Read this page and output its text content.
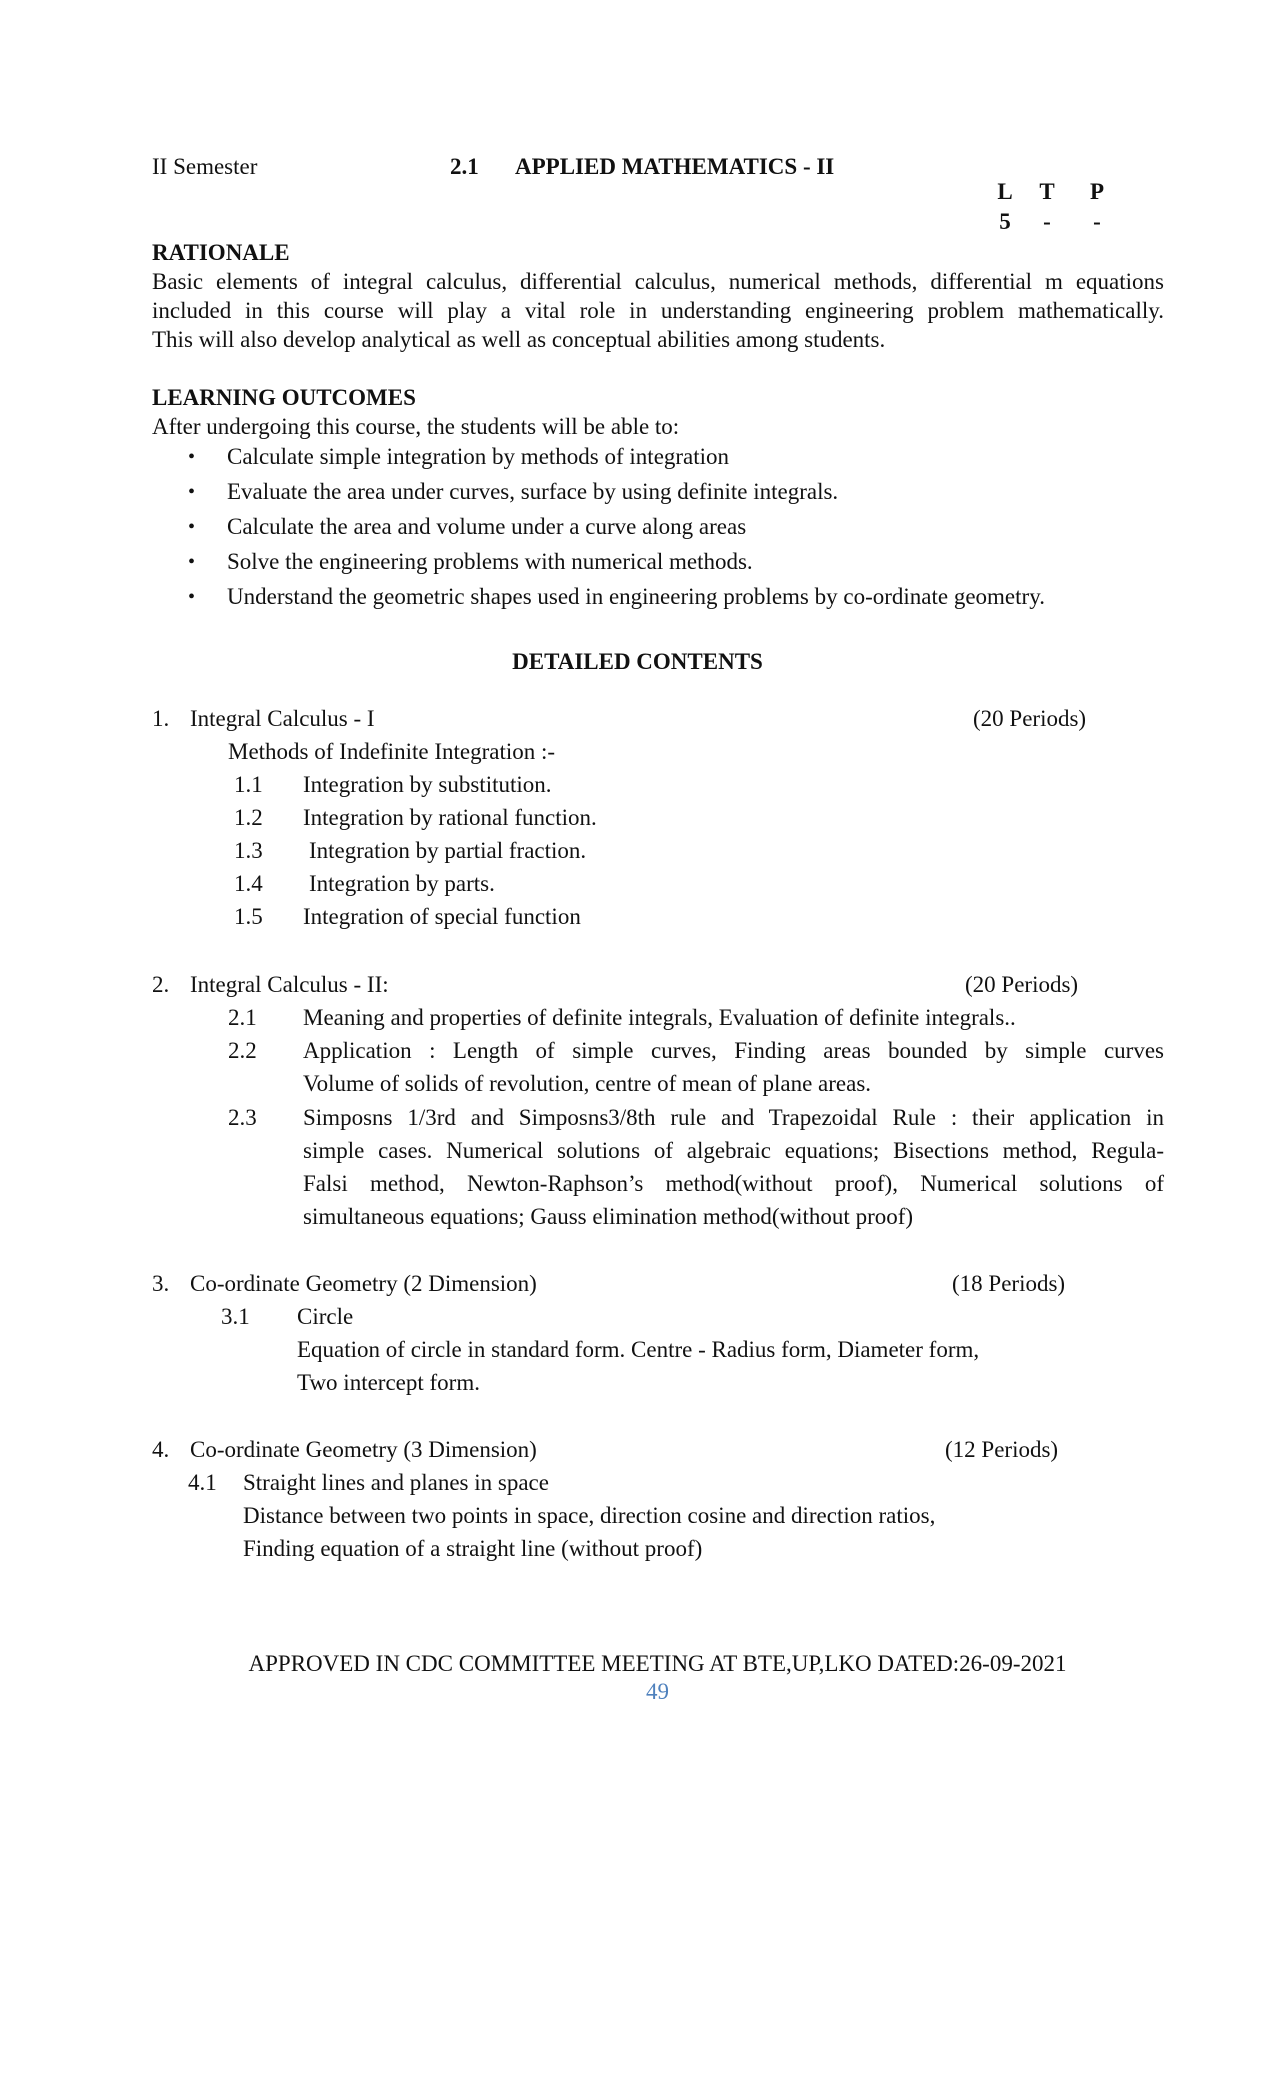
II Semester	2.1 APPLIED MATHEMATICS - II
L	T	P
5	-	-
RATIONALE
Basic elements of integral calculus, differential calculus, numerical methods, differential m equations
included in this course will play a vital role in understanding engineering problem mathematically.
This will also develop analytical as well as conceptual abilities among students.
LEARNING OUTCOMES
After undergoing this course, the students will be able to:
• Calculate simple integration by methods of integration
• Evaluate the area under curves, surface by using definite integrals.
• Calculate the area and volume under a curve along areas
• Solve the engineering problems with numerical methods.
• Understand the geometric shapes used in engineering problems by co-ordinate geometry.
DETAILED CONTENTS
1. Integral Calculus - I	(20 Periods)
Methods of Indefinite Integration :-
1.1 Integration by substitution.
1.2 Integration by rational function.
1.3 Integration by partial fraction.
1.4 Integration by parts.
1.5 Integration of special function
2. Integral Calculus - II:	(20 Periods)
2.1 Meaning and properties of definite integrals, Evaluation of definite integrals..
2.2 Application : Length of simple curves, Finding areas bounded by simple curves
Volume of solids of revolution, centre of mean of plane areas.
2.3 Simposns 1/3rd and Simposns3/8th rule and Trapezoidal Rule : their application in
simple cases. Numerical solutions of algebraic equations; Bisections method, Regula-
Falsi method, Newton-Raphson’s method(without proof), Numerical solutions of
simultaneous equations; Gauss elimination method(without proof)
3. Co-ordinate Geometry (2 Dimension)	(18 Periods)
3.1 Circle
Equation of circle in standard form. Centre - Radius form, Diameter form,
Two intercept form.
4. Co-ordinate Geometry (3 Dimension)	(12 Periods)
4.1 Straight lines and planes in space
Distance between two points in space, direction cosine and direction ratios,
Finding equation of a straight line (without proof)
APPROVED IN CDC COMMITTEE MEETING AT BTE,UP,LKO DATED:26-09-2021
49
